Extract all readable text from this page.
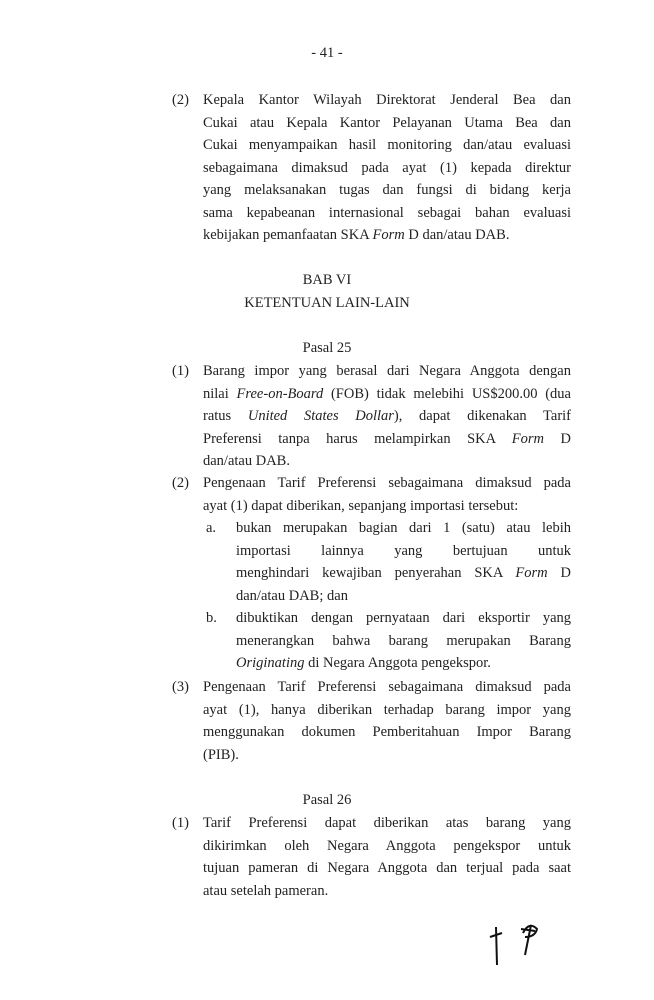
- 41 -
(2) Kepala Kantor Wilayah Direktorat Jenderal Bea dan
Cukai atau Kepala Kantor Pelayanan Utama Bea dan
Cukai menyampaikan hasil monitoring dan/atau evaluasi
sebagaimana dimaksud pada ayat (1) kepada direktur
yang melaksanakan tugas dan fungsi di bidang kerja
sama kepabeanan internasional sebagai bahan evaluasi
kebijakan pemanfaatan SKA Form D dan/atau DAB.
BAB VI
KETENTUAN LAIN-LAIN
Pasal 25
(1) Barang impor yang berasal dari Negara Anggota dengan
nilai Free-on-Board (FOB) tidak melebihi US$200.00 (dua
ratus United States Dollar), dapat dikenakan Tarif
Preferensi tanpa harus melampirkan SKA Form D
dan/atau DAB.
(2) Pengenaan Tarif Preferensi sebagaimana dimaksud pada
ayat (1) dapat diberikan, sepanjang importasi tersebut:
a.	bukan merupakan bagian dari 1 (satu) atau lebih
importasi lainnya yang bertujuan untuk
menghindari kewajiban penyerahan SKA Form D
dan/atau DAB; dan
b.	dibuktikan dengan pernyataan dari eksportir yang
menerangkan bahwa barang merupakan Barang
Originating di Negara Anggota pengekspor.
(3) Pengenaan Tarif Preferensi sebagaimana dimaksud pada
ayat (1), hanya diberikan terhadap barang impor yang
menggunakan dokumen Pemberitahuan Impor Barang
(PIB).
Pasal 26
(1) Tarif Preferensi dapat diberikan atas barang yang
dikirimkan oleh Negara Anggota pengekspor untuk
tujuan pameran di Negara Anggota dan terjual pada saat
atau setelah pameran.
